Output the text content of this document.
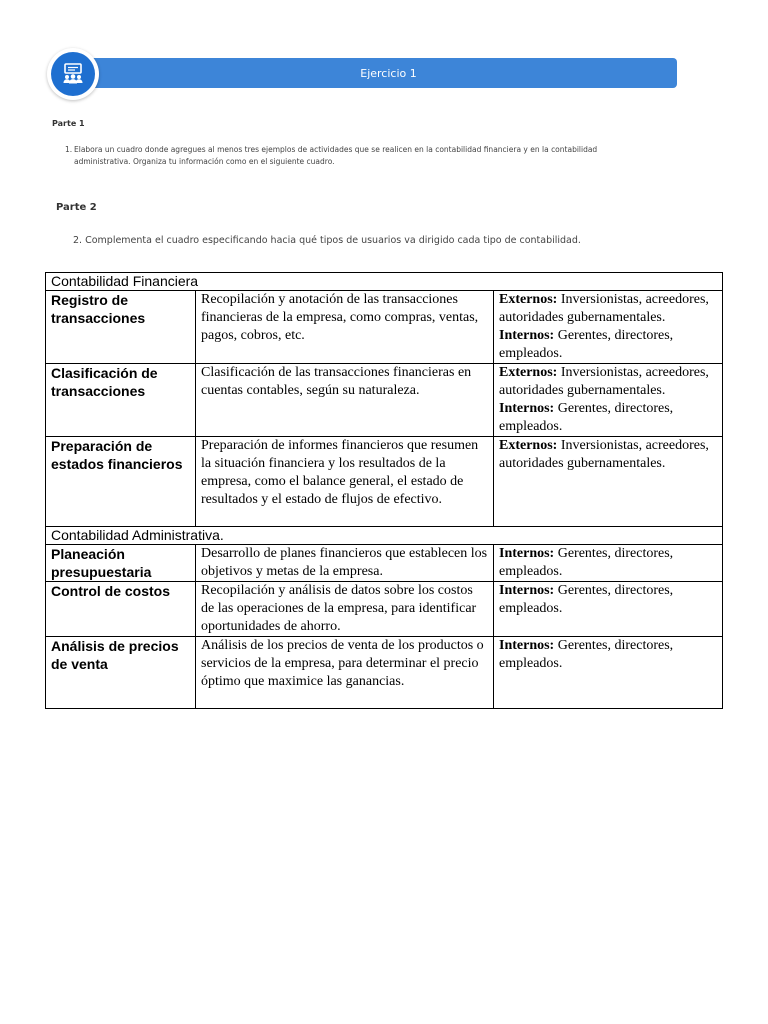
Ejercicio 1
Parte 1
1. Elabora un cuadro donde agregues al menos tres ejemplos de actividades que se realicen en la contabilidad financiera y en la contabilidad
administrativa. Organiza tu información como en el siguiente cuadro.
Parte 2
2. Complementa el cuadro especificando hacia qué tipos de usuarios va dirigido cada tipo de contabilidad.
Contabilidad Financiera		
Registro de transacciones	Recopilación y anotación de las transacciones financieras de la empresa, como compras, ventas, pagos, cobros, etc.	Externos: Inversionistas, acreedores, autoridades gubernamentales. Internos: Gerentes, directores, empleados.
Clasificación de transacciones	Clasificación de las transacciones financieras en cuentas contables, según su naturaleza.	Externos: Inversionistas, acreedores, autoridades gubernamentales. Internos: Gerentes, directores, empleados.
Preparación de estados financieros	Preparación de informes financieros que resumen la situación financiera y los resultados de la empresa, como el balance general, el estado de resultados y el estado de flujos de efectivo.	Externos: Inversionistas, acreedores, autoridades gubernamentales.
Contabilidad Administrativa.		
Planeación presupuestaria	Desarrollo de planes financieros que establecen los objetivos y metas de la empresa.	Internos: Gerentes, directores, empleados.
Control de costos	Recopilación y análisis de datos sobre los costos de las operaciones de la empresa, para identificar oportunidades de ahorro.	Internos: Gerentes, directores, empleados.
Análisis de precios de venta	Análisis de los precios de venta de los productos o servicios de la empresa, para determinar el precio óptimo que maximice las ganancias.	Internos: Gerentes, directores, empleados.
